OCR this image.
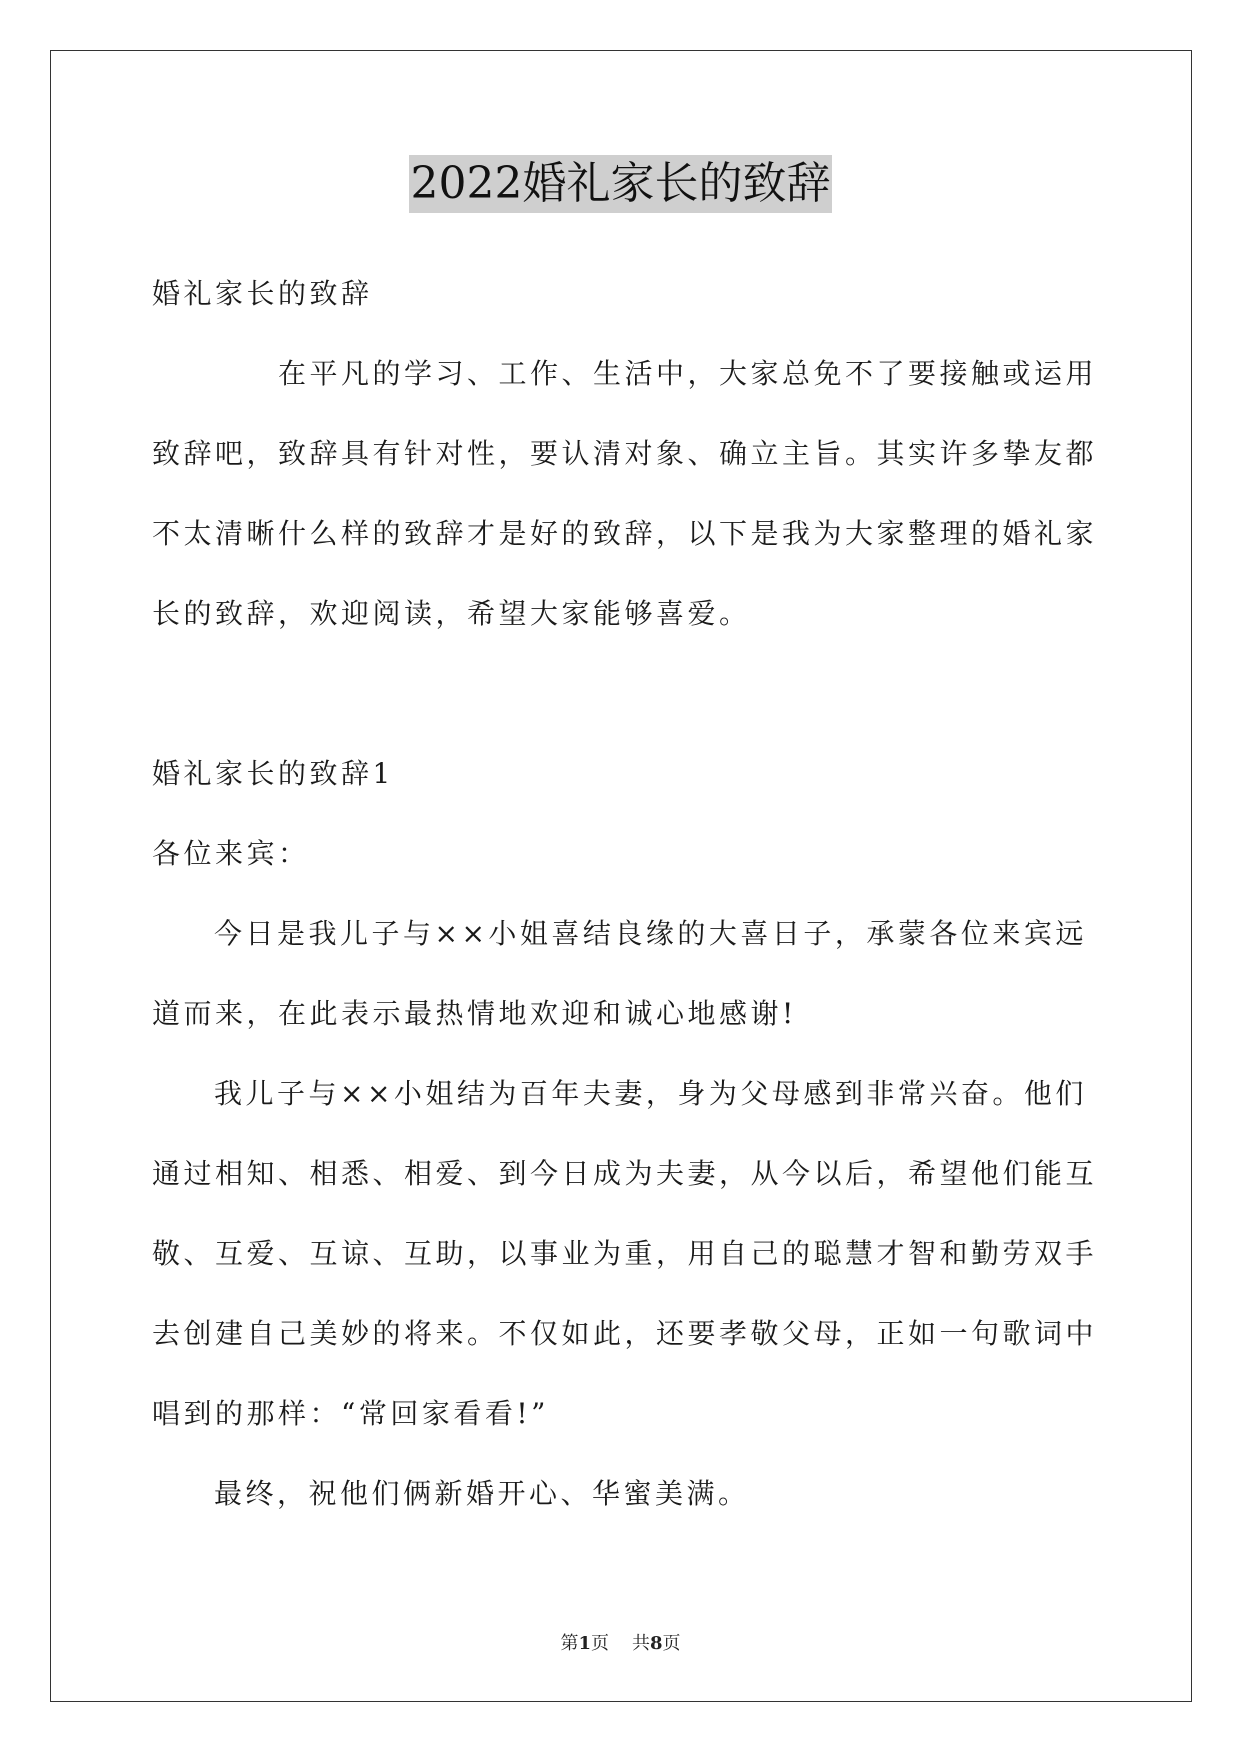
2022婚礼家长的致辞
婚礼家长的致辞
在平凡的学习、工作、生活中，大家总免不了要接触或运用
致辞吧，致辞具有针对性，要认清对象、确立主旨。其实许多挚友都
不太清晰什么样的致辞才是好的致辞，以下是我为大家整理的婚礼家
长的致辞，欢迎阅读，希望大家能够喜爱。
婚礼家长的致辞1
各位来宾：
今日是我儿子与××小姐喜结良缘的大喜日子，承蒙各位来宾远
道而来，在此表示最热情地欢迎和诚心地感谢!
我儿子与××小姐结为百年夫妻，身为父母感到非常兴奋。他们
通过相知、相悉、相爱、到今日成为夫妻，从今以后，希望他们能互
敬、互爱、互谅、互助，以事业为重，用自己的聪慧才智和勤劳双手
去创建自己美妙的将来。不仅如此，还要孝敬父母，正如一句歌词中
唱到的那样：“常回家看看!”
最终，祝他们俩新婚开心、华蜜美满。
第1页 共8页
